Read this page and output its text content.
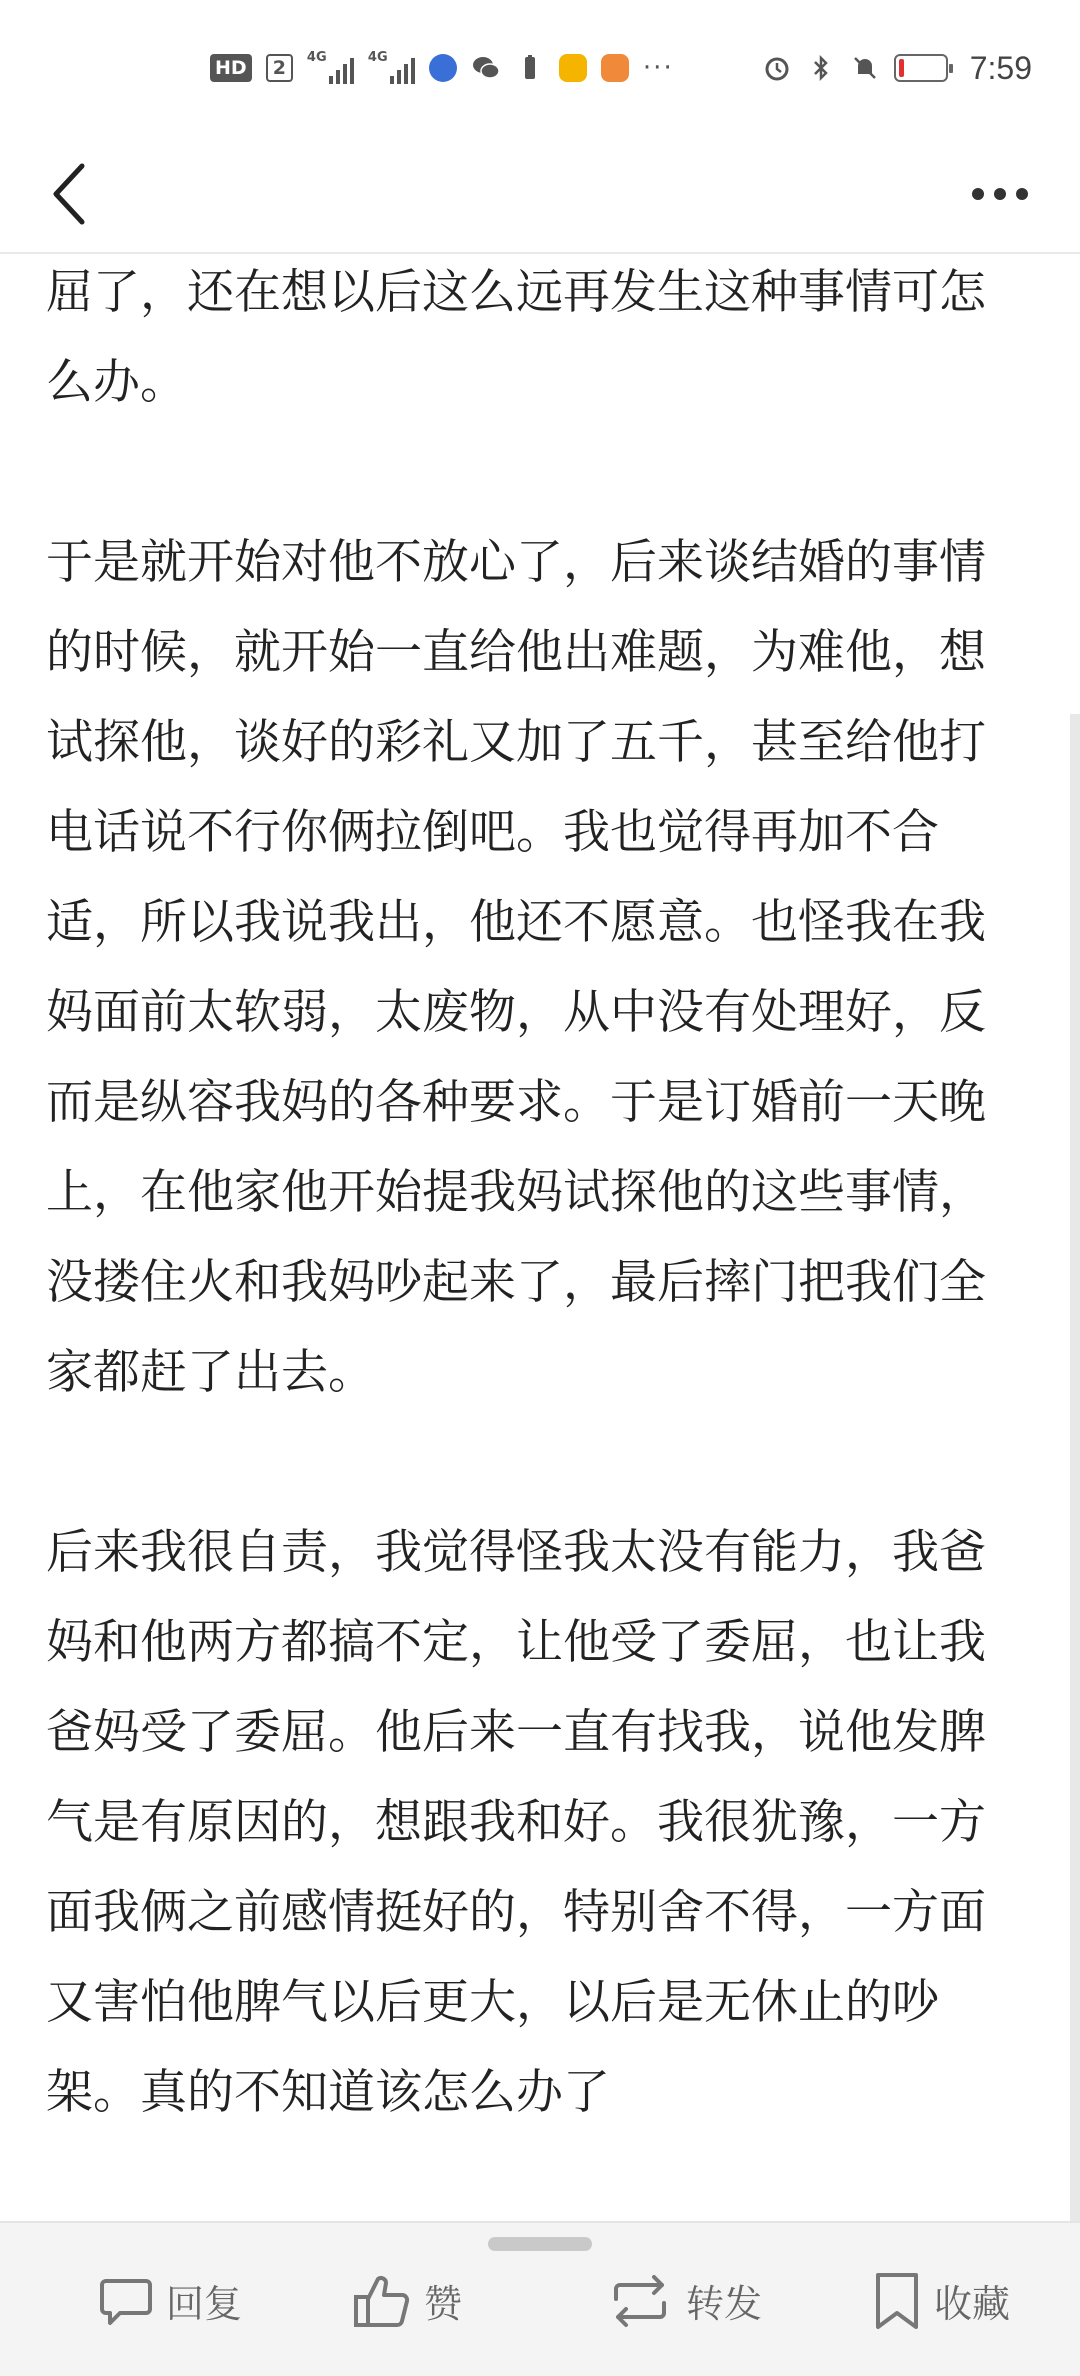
HD	2	4G	4G	···	7:59

屈了，还在想以后这么远再发生这种事情可怎么办。

于是就开始对他不放心了，后来谈结婚的事情的时候，就开始一直给他出难题，为难他，想试探他，谈好的彩礼又加了五千，甚至给他打电话说不行你俩拉倒吧。我也觉得再加不合适，所以我说我出，他还不愿意。也怪我在我妈面前太软弱，太废物，从中没有处理好，反而是纵容我妈的各种要求。于是订婚前一天晚上，在他家他开始提我妈试探他的这些事情，没搂住火和我妈吵起来了，最后摔门把我们全家都赶了出去。

后来我很自责，我觉得怪我太没有能力，我爸妈和他两方都搞不定，让他受了委屈，也让我爸妈受了委屈。他后来一直有找我，说他发脾气是有原因的，想跟我和好。我很犹豫，一方面我俩之前感情挺好的，特别舍不得，一方面又害怕他脾气以后更大，以后是无休止的吵架。真的不知道该怎么办了

回复	赞	转发	收藏
